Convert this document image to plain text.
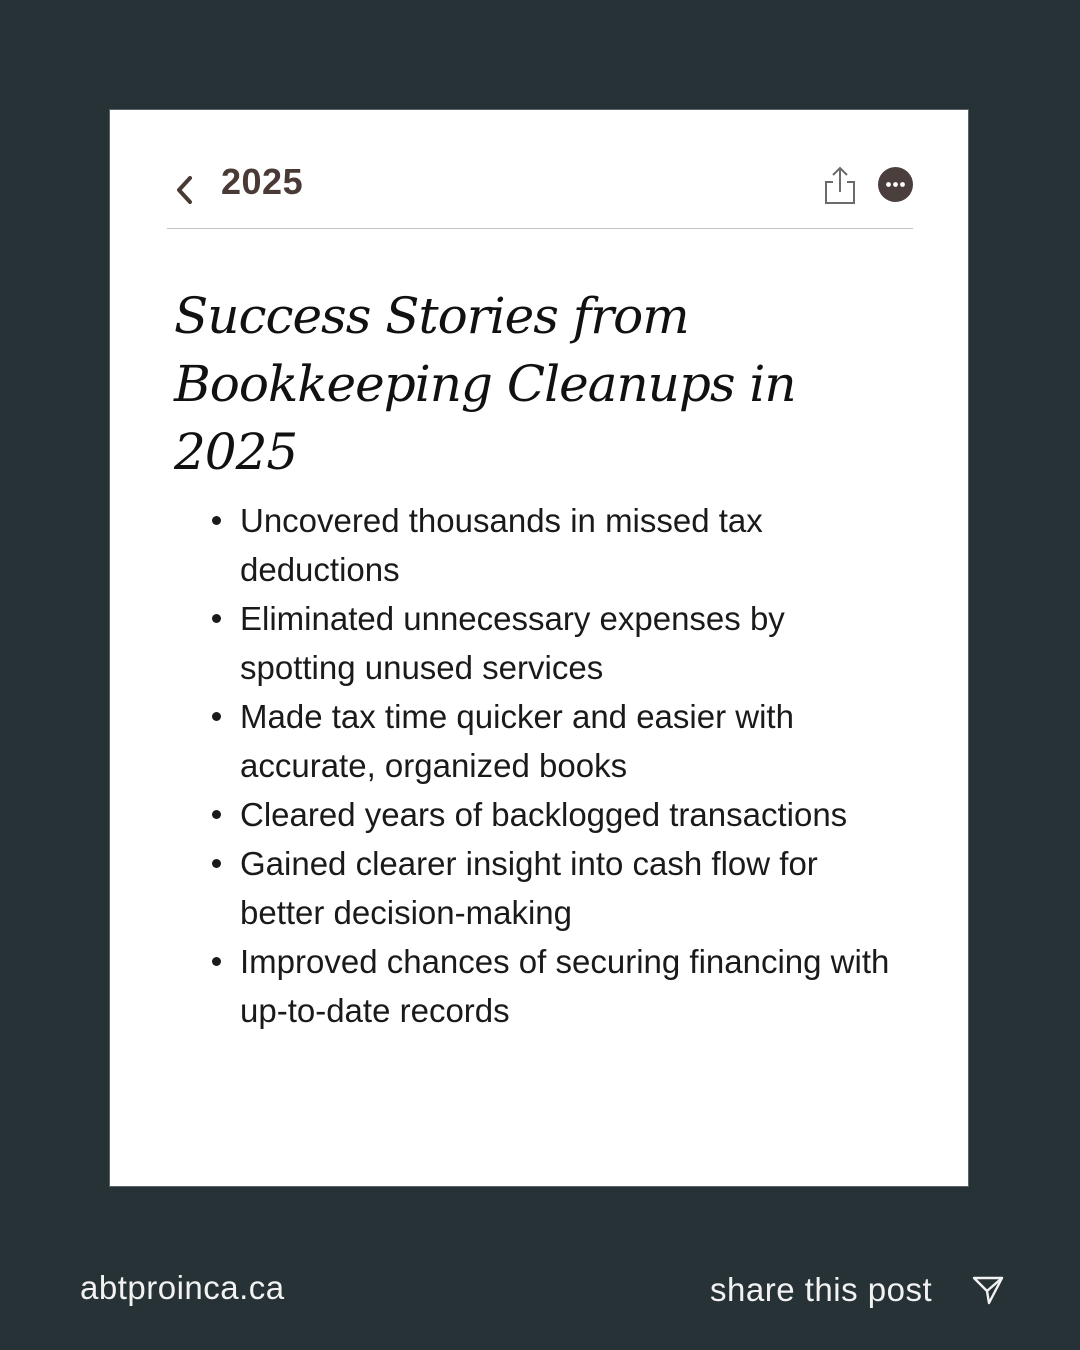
2025
Success Stories from Bookkeeping Cleanups in 2025
Uncovered thousands in missed tax deductions
Eliminated unnecessary expenses by spotting unused services
Made tax time quicker and easier with accurate, organized books
Cleared years of backlogged transactions
Gained clearer insight into cash flow for better decision-making
Improved chances of securing financing with up-to-date records
abtproinca.ca	share this post
